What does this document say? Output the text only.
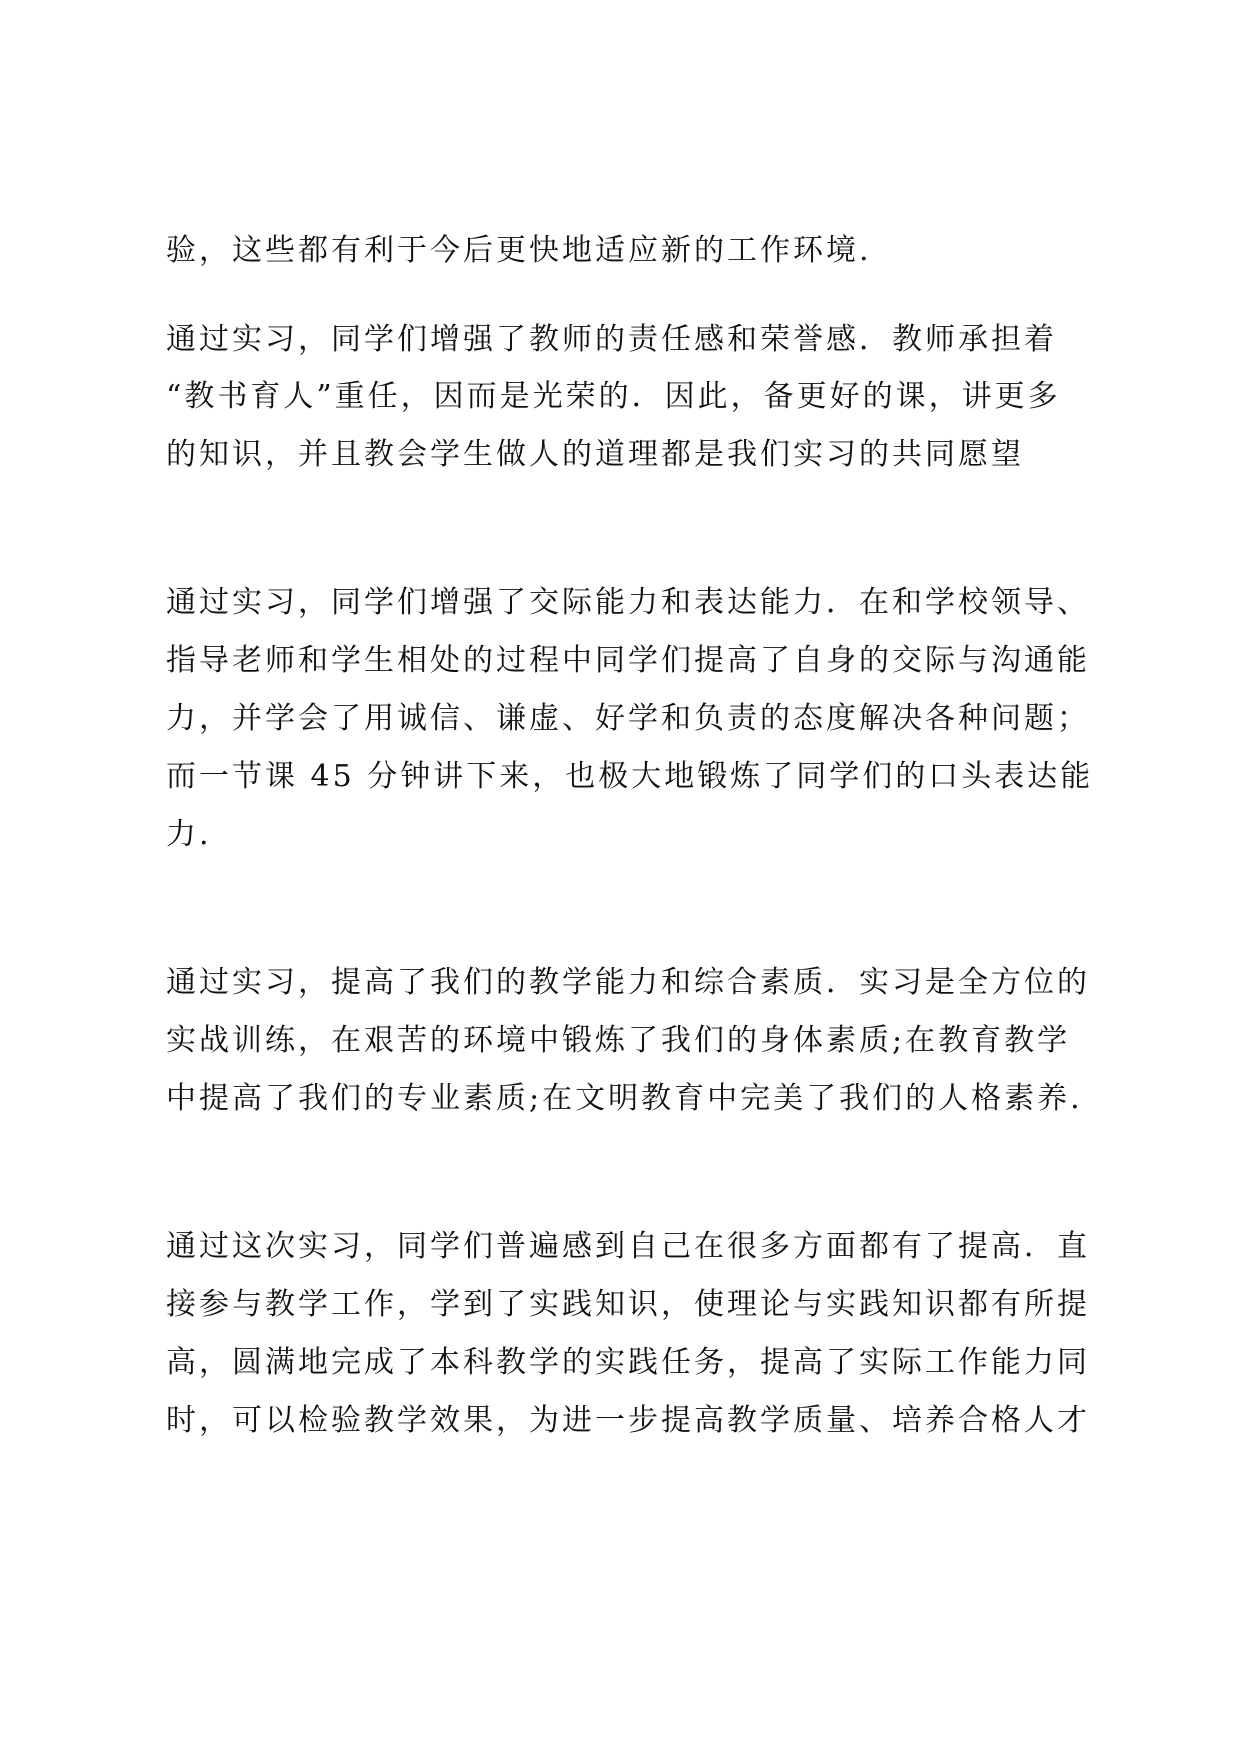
验，这些都有利于今后更快地适应新的工作环境.
通过实习，同学们增强了教师的责任感和荣誉感．教师承担着
“教书育人”重任，因而是光荣的．因此，备更好的课，讲更多
的知识，并且教会学生做人的道理都是我们实习的共同愿望
通过实习，同学们增强了交际能力和表达能力．在和学校领导、
指导老师和学生相处的过程中同学们提高了自身的交际与沟通能
力，并学会了用诚信、谦虚、好学和负责的态度解决各种问题；
而一节课 45 分钟讲下来，也极大地锻炼了同学们的口头表达能
力.
通过实习，提高了我们的教学能力和综合素质．实习是全方位的
实战训练，在艰苦的环境中锻炼了我们的身体素质;在教育教学
中提高了我们的专业素质;在文明教育中完美了我们的人格素养.
通过这次实习，同学们普遍感到自己在很多方面都有了提高．直
接参与教学工作，学到了实践知识，使理论与实践知识都有所提
高，圆满地完成了本科教学的实践任务，提高了实际工作能力同
时，可以检验教学效果，为进一步提高教学质量、培养合格人才
